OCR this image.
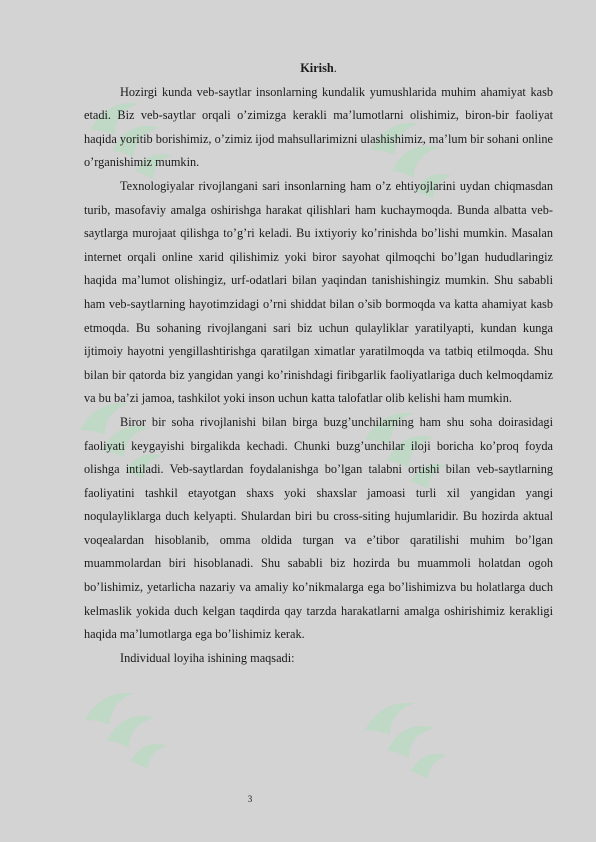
Kirish.

Hozirgi kunda veb-saytlar insonlarning kundalik yumushlarida muhim ahamiyat kasb etadi. Biz veb-saytlar orqali o’zimizga kerakli ma’lumotlarni olishimiz, biron-bir faoliyat haqida yoritib borishimiz, o’zimiz ijod mahsullarimizni ulashishimiz, ma’lum bir sohani online o’rganishimiz mumkin.

Texnologiyalar rivojlangani sari insonlarning ham o’z ehtiyojlarini uydan chiqmasdan turib, masofaviy amalga oshirishga harakat qilishlari ham kuchaymoqda. Bunda albatta veb-saytlarga murojaat qilishga to’g’ri keladi. Bu ixtiyoriy ko’rinishda bo’lishi mumkin. Masalan internet orqali online xarid qilishimiz yoki biror sayohat qilmoqchi bo’lgan hududlaringiz haqida ma’lumot olishingiz, urf-odatlari bilan yaqindan tanishishingiz mumkin. Shu sababli ham veb-saytlarning hayotimzidagi o’rni shiddat bilan o’sib bormoqda va katta ahamiyat kasb etmoqda. Bu sohaning rivojlangani sari biz uchun qulayliklar yaratilyapti, kundan kunga ijtimoiy hayotni yengillashtirishga qaratilgan ximatlar yaratilmoqda va tatbiq etilmoqda. Shu bilan bir qatorda biz yangidan yangi ko’rinishdagi firibgarlik faoliyatlariga duch kelmoqdamiz va bu ba’zi jamoa, tashkilot yoki inson uchun katta talofatlar olib kelishi ham mumkin.

Biror bir soha rivojlanishi bilan birga buzg’unchilarning ham shu soha doirasidagi faoliyati keygayishi birgalikda kechadi. Chunki buzg’unchilar iloji boricha ko’proq foyda olishga intiladi. Veb-saytlardan foydalanishga bo’lgan talabni ortishi bilan veb-saytlarning faoliyatini tashkil etayotgan shaxs yoki shaxslar jamoasi turli xil yangidan yangi noqulayliklarga duch kelyapti. Shulardan biri bu cross-siting hujumlaridir. Bu hozirda aktual voqealardan hisoblanib, omma oldida turgan va e’tibor qaratilishi muhim bo’lgan muammolardan biri hisoblanadi. Shu sababli biz hozirda bu muammoli holatdan ogoh bo’lishimiz, yetarlicha nazariy va amaliy ko’nikmalarga ega bo’lishimizva bu holatlarga duch kelmaslik yokida duch kelgan taqdirda qay tarzda harakatlarni amalga oshirishimiz kerakligi haqida ma’lumotlarga ega bo’lishimiz kerak.

Individual loyiha ishining maqsadi:

3
